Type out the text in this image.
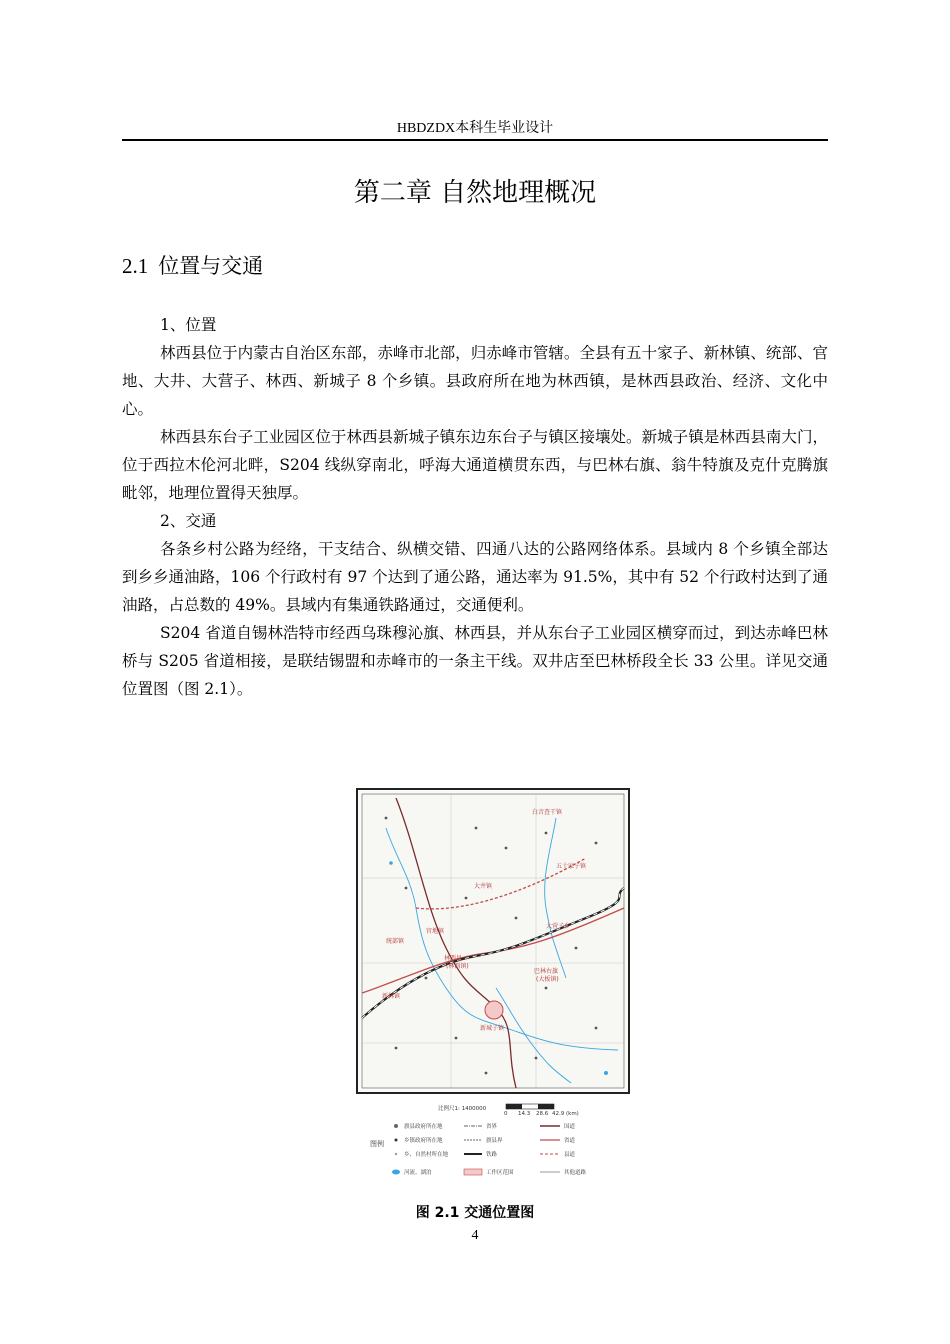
HBDZDX本科生毕业设计
第二章 自然地理概况
2.1 位置与交通

1、位置

林西县位于内蒙古自治区东部，赤峰市北部，归赤峰市管辖。全县有五十家子、新林镇、统部、官地、大井、大营子、林西、新城子 8 个乡镇。县政府所在地为林西镇，是林西县政治、经济、文化中心。

林西县东台子工业园区位于林西县新城子镇东边东台子与镇区接壤处。新城子镇是林西县南大门，位于西拉木伦河北畔，S204 线纵穿南北，呼海大通道横贯东西，与巴林右旗、翁牛特旗及克什克腾旗毗邻，地理位置得天独厚。

2、交通

各条乡村公路为经络，干支结合、纵横交错、四通八达的公路网络体系。县域内 8 个乡镇全部达到乡乡通油路，106 个行政村有 97 个达到了通公路，通达率为 91.5%，其中有 52 个行政村达到了通油路，占总数的 49%。县域内有集通铁路通过，交通便利。

S204 省道自锡林浩特市经西乌珠穆沁旗、林西县，并从东台子工业园区横穿而过，到达赤峰巴林桥与 S205 省道相接，是联结锡盟和赤峰市的一条主干线。双井店至巴林桥段全长 33 公里。详见交通位置图（图 2.1）。

白音查干镇
林西县
(林西镇)
巴林右旗
(大板镇)
新城子镇
五十家子镇
大井镇
官地镇
统部镇
新林镇
大营子乡
比例尺1: 1400000
0 14.3 28.6 42.9 (km)
图例
旗县政府所在地
乡镇政府所在地
乡、自然村所在地
河流、湖泊
省界
旗县界
铁路
工作区范围
国道
省道
县道
其他道路
图 2.1 交通位置图
4
